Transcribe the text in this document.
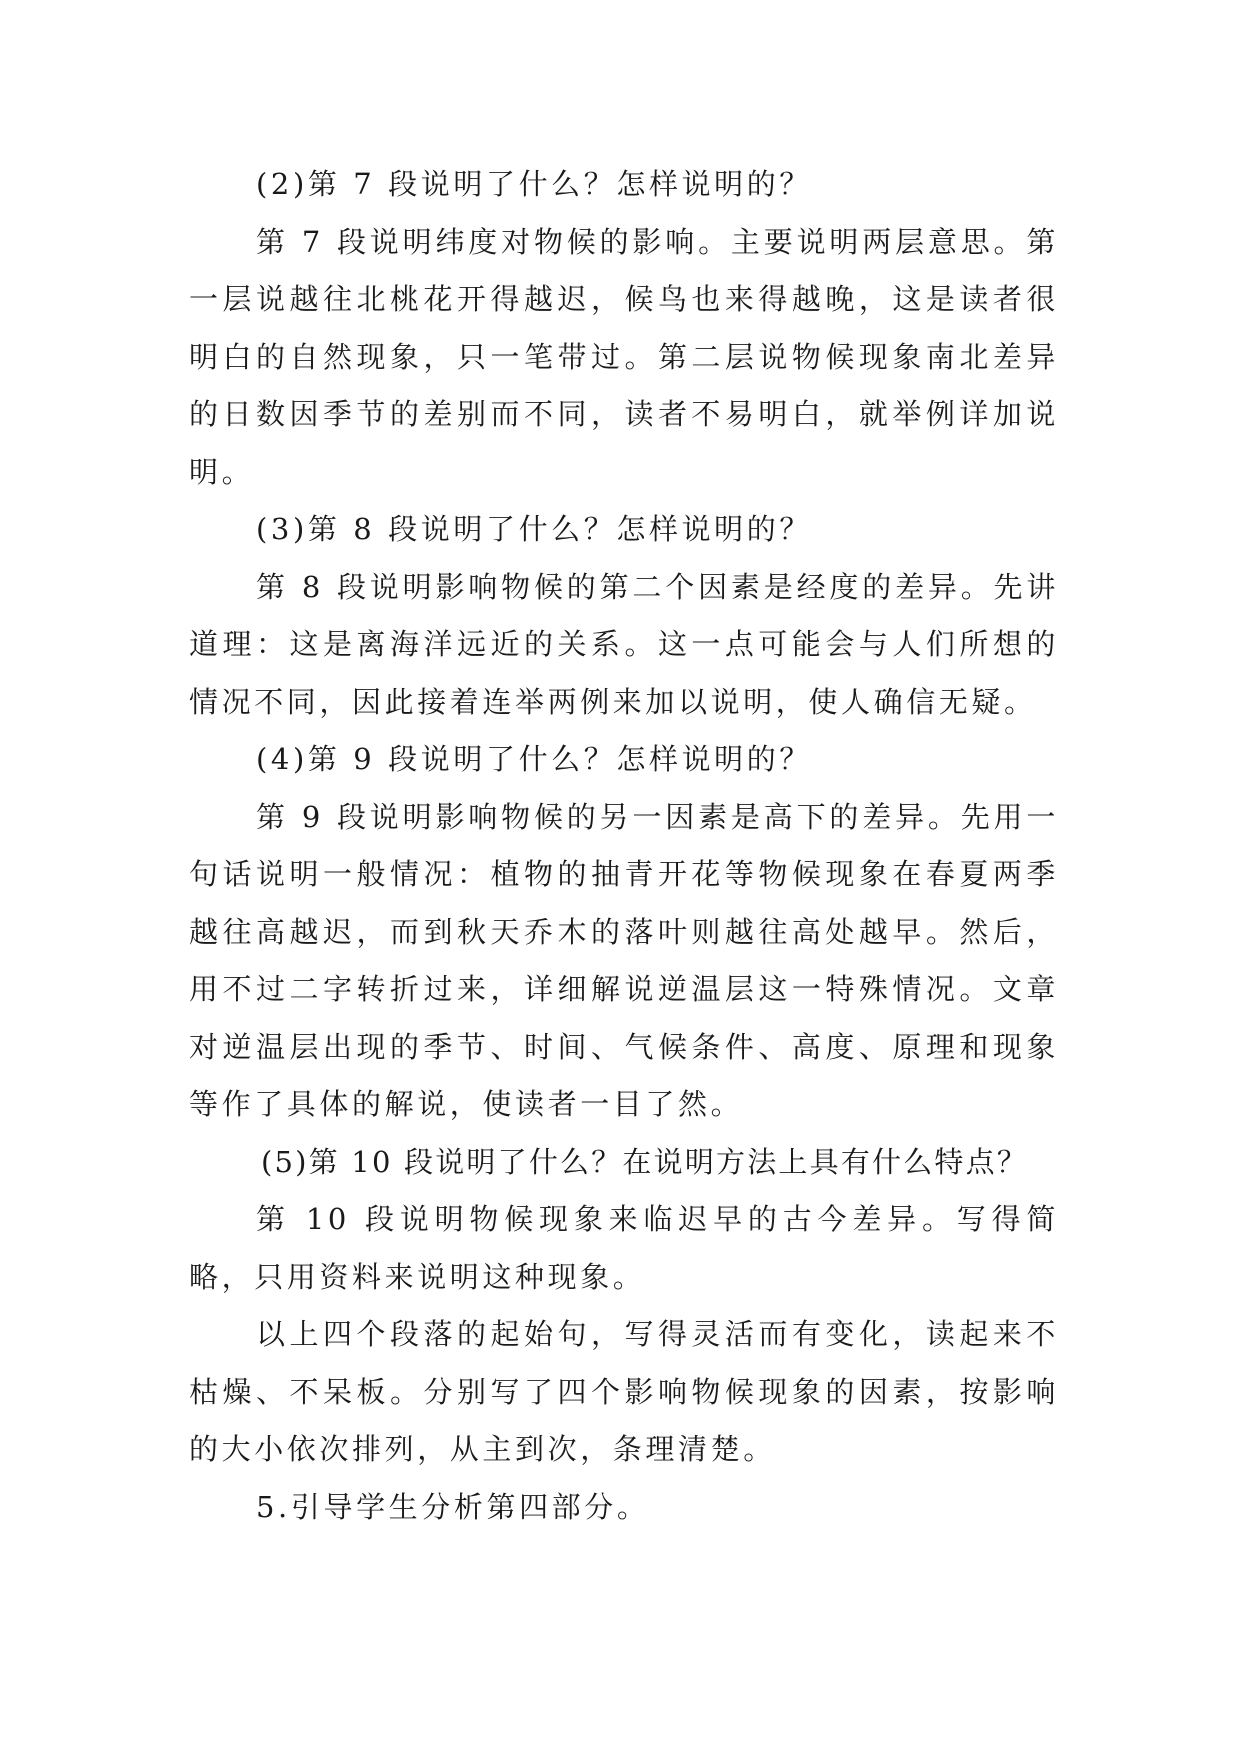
(2)第 7 段说明了什么？怎样说明的？

第 7 段说明纬度对物候的影响。主要说明两层意思。第一层说越往北桃花开得越迟，候鸟也来得越晚，这是读者很明白的自然现象，只一笔带过。第二层说物候现象南北差异的日数因季节的差别而不同，读者不易明白，就举例详加说明。

(3)第 8 段说明了什么？怎样说明的？

第 8 段说明影响物候的第二个因素是经度的差异。先讲道理：这是离海洋远近的关系。这一点可能会与人们所想的情况不同，因此接着连举两例来加以说明，使人确信无疑。

(4)第 9 段说明了什么？怎样说明的？

第 9 段说明影响物候的另一因素是高下的差异。先用一句话说明一般情况：植物的抽青开花等物候现象在春夏两季越往高越迟，而到秋天乔木的落叶则越往高处越早。然后，用不过二字转折过来，详细解说逆温层这一特殊情况。文章对逆温层出现的季节、时间、气候条件、高度、原理和现象等作了具体的解说，使读者一目了然。

(5)第 10 段说明了什么？在说明方法上具有什么特点？

第 10 段说明物候现象来临迟早的古今差异。写得简略，只用资料来说明这种现象。

以上四个段落的起始句，写得灵活而有变化，读起来不枯燥、不呆板。分别写了四个影响物候现象的因素，按影响的大小依次排列，从主到次，条理清楚。

5.引导学生分析第四部分。
